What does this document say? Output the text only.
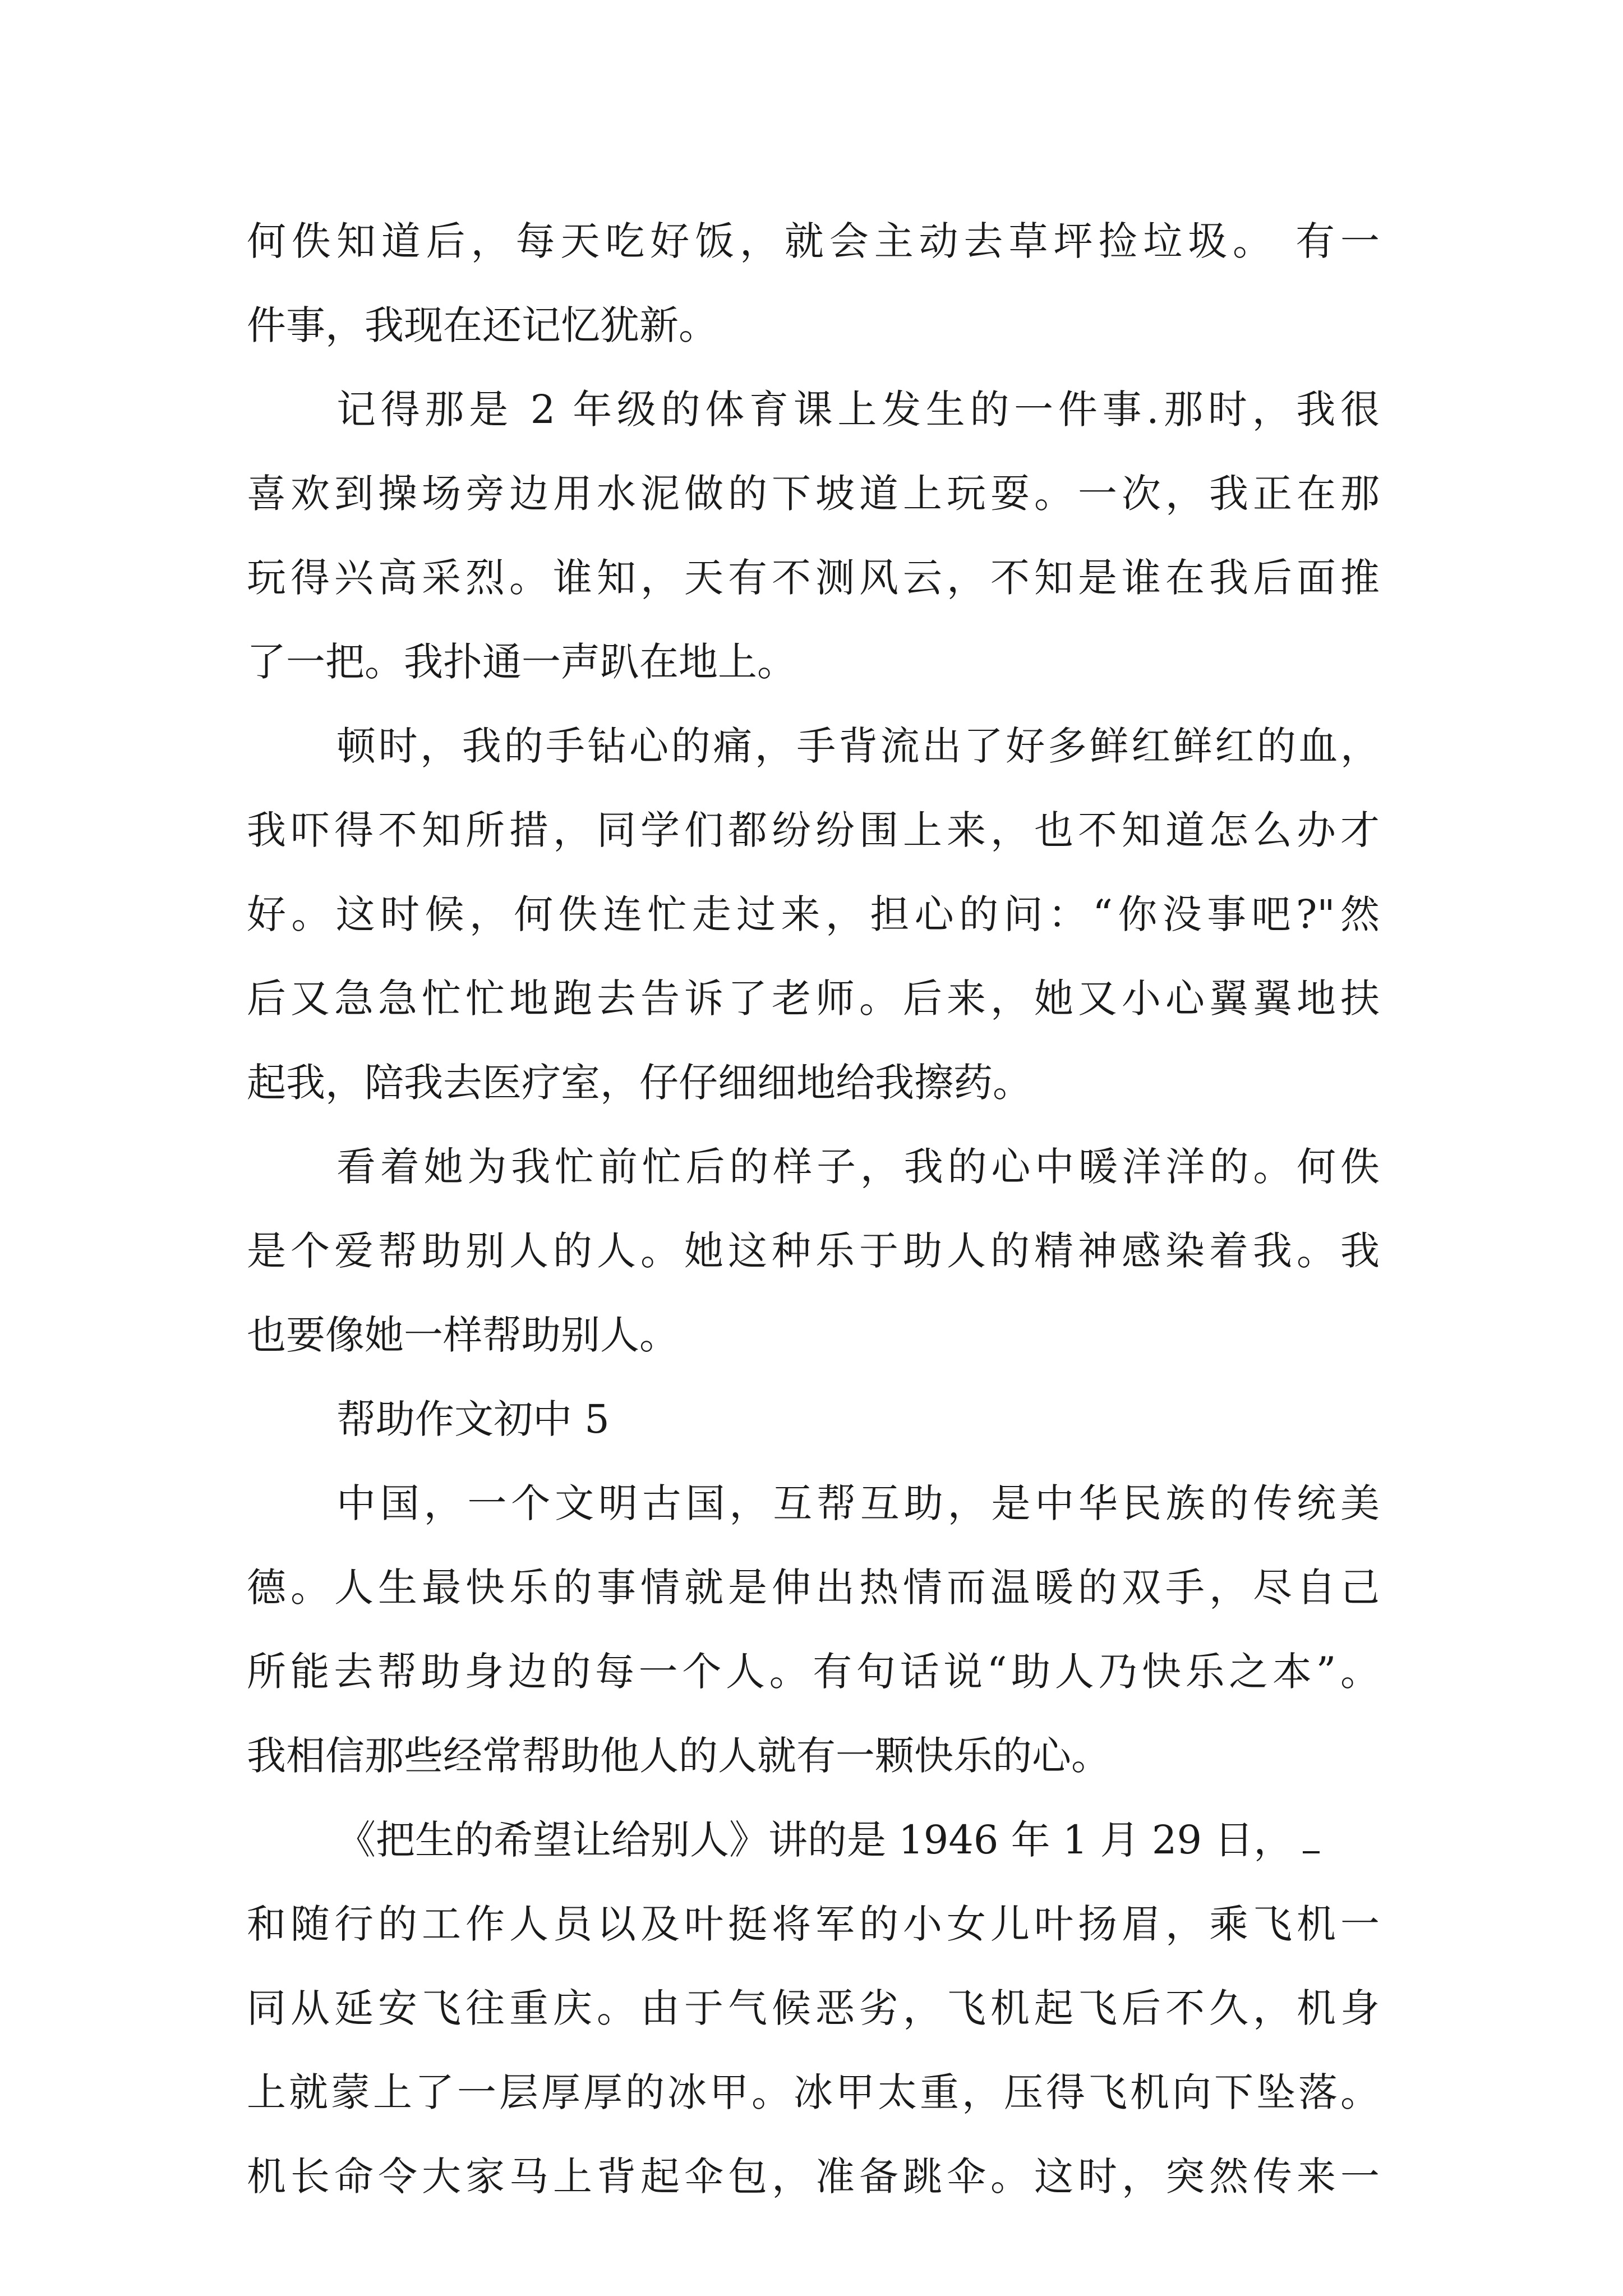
何佚知道后，每天吃好饭，就会主动去草坪捡垃圾。 有一
件事，我现在还记忆犹新。
记得那是 2 年级的体育课上发生的一件事.那时，我很
喜欢到操场旁边用水泥做的下坡道上玩耍。一次，我正在那
玩得兴高采烈。谁知，天有不测风云，不知是谁在我后面推
了一把。我扑通一声趴在地上。
顿时，我的手钻心的痛，手背流出了好多鲜红鲜红的血，
我吓得不知所措，同学们都纷纷围上来，也不知道怎么办才
好。这时候，何佚连忙走过来，担心的问：“你没事吧?"然
后又急急忙忙地跑去告诉了老师。后来，她又小心翼翼地扶
起我，陪我去医疗室，仔仔细细地给我擦药。
看着她为我忙前忙后的样子，我的心中暖洋洋的。何佚
是个爱帮助别人的人。她这种乐于助人的精神感染着我。我
也要像她一样帮助别人。
帮助作文初中 5
中国，一个文明古国，互帮互助，是中华民族的传统美
德。人生最快乐的事情就是伸出热情而温暖的双手，尽自己
所能去帮助身边的每一个人。有句话说“助人乃快乐之本”。
我相信那些经常帮助他人的人就有一颗快乐的心。
《把生的希望让给别人》讲的是 1946 年 1 月 29 日，
和随行的工作人员以及叶挺将军的小女儿叶扬眉，乘飞机一
同从延安飞往重庆。由于气候恶劣，飞机起飞后不久，机身
上就蒙上了一层厚厚的冰甲。冰甲太重，压得飞机向下坠落。
机长命令大家马上背起伞包，准备跳伞。这时，突然传来一
